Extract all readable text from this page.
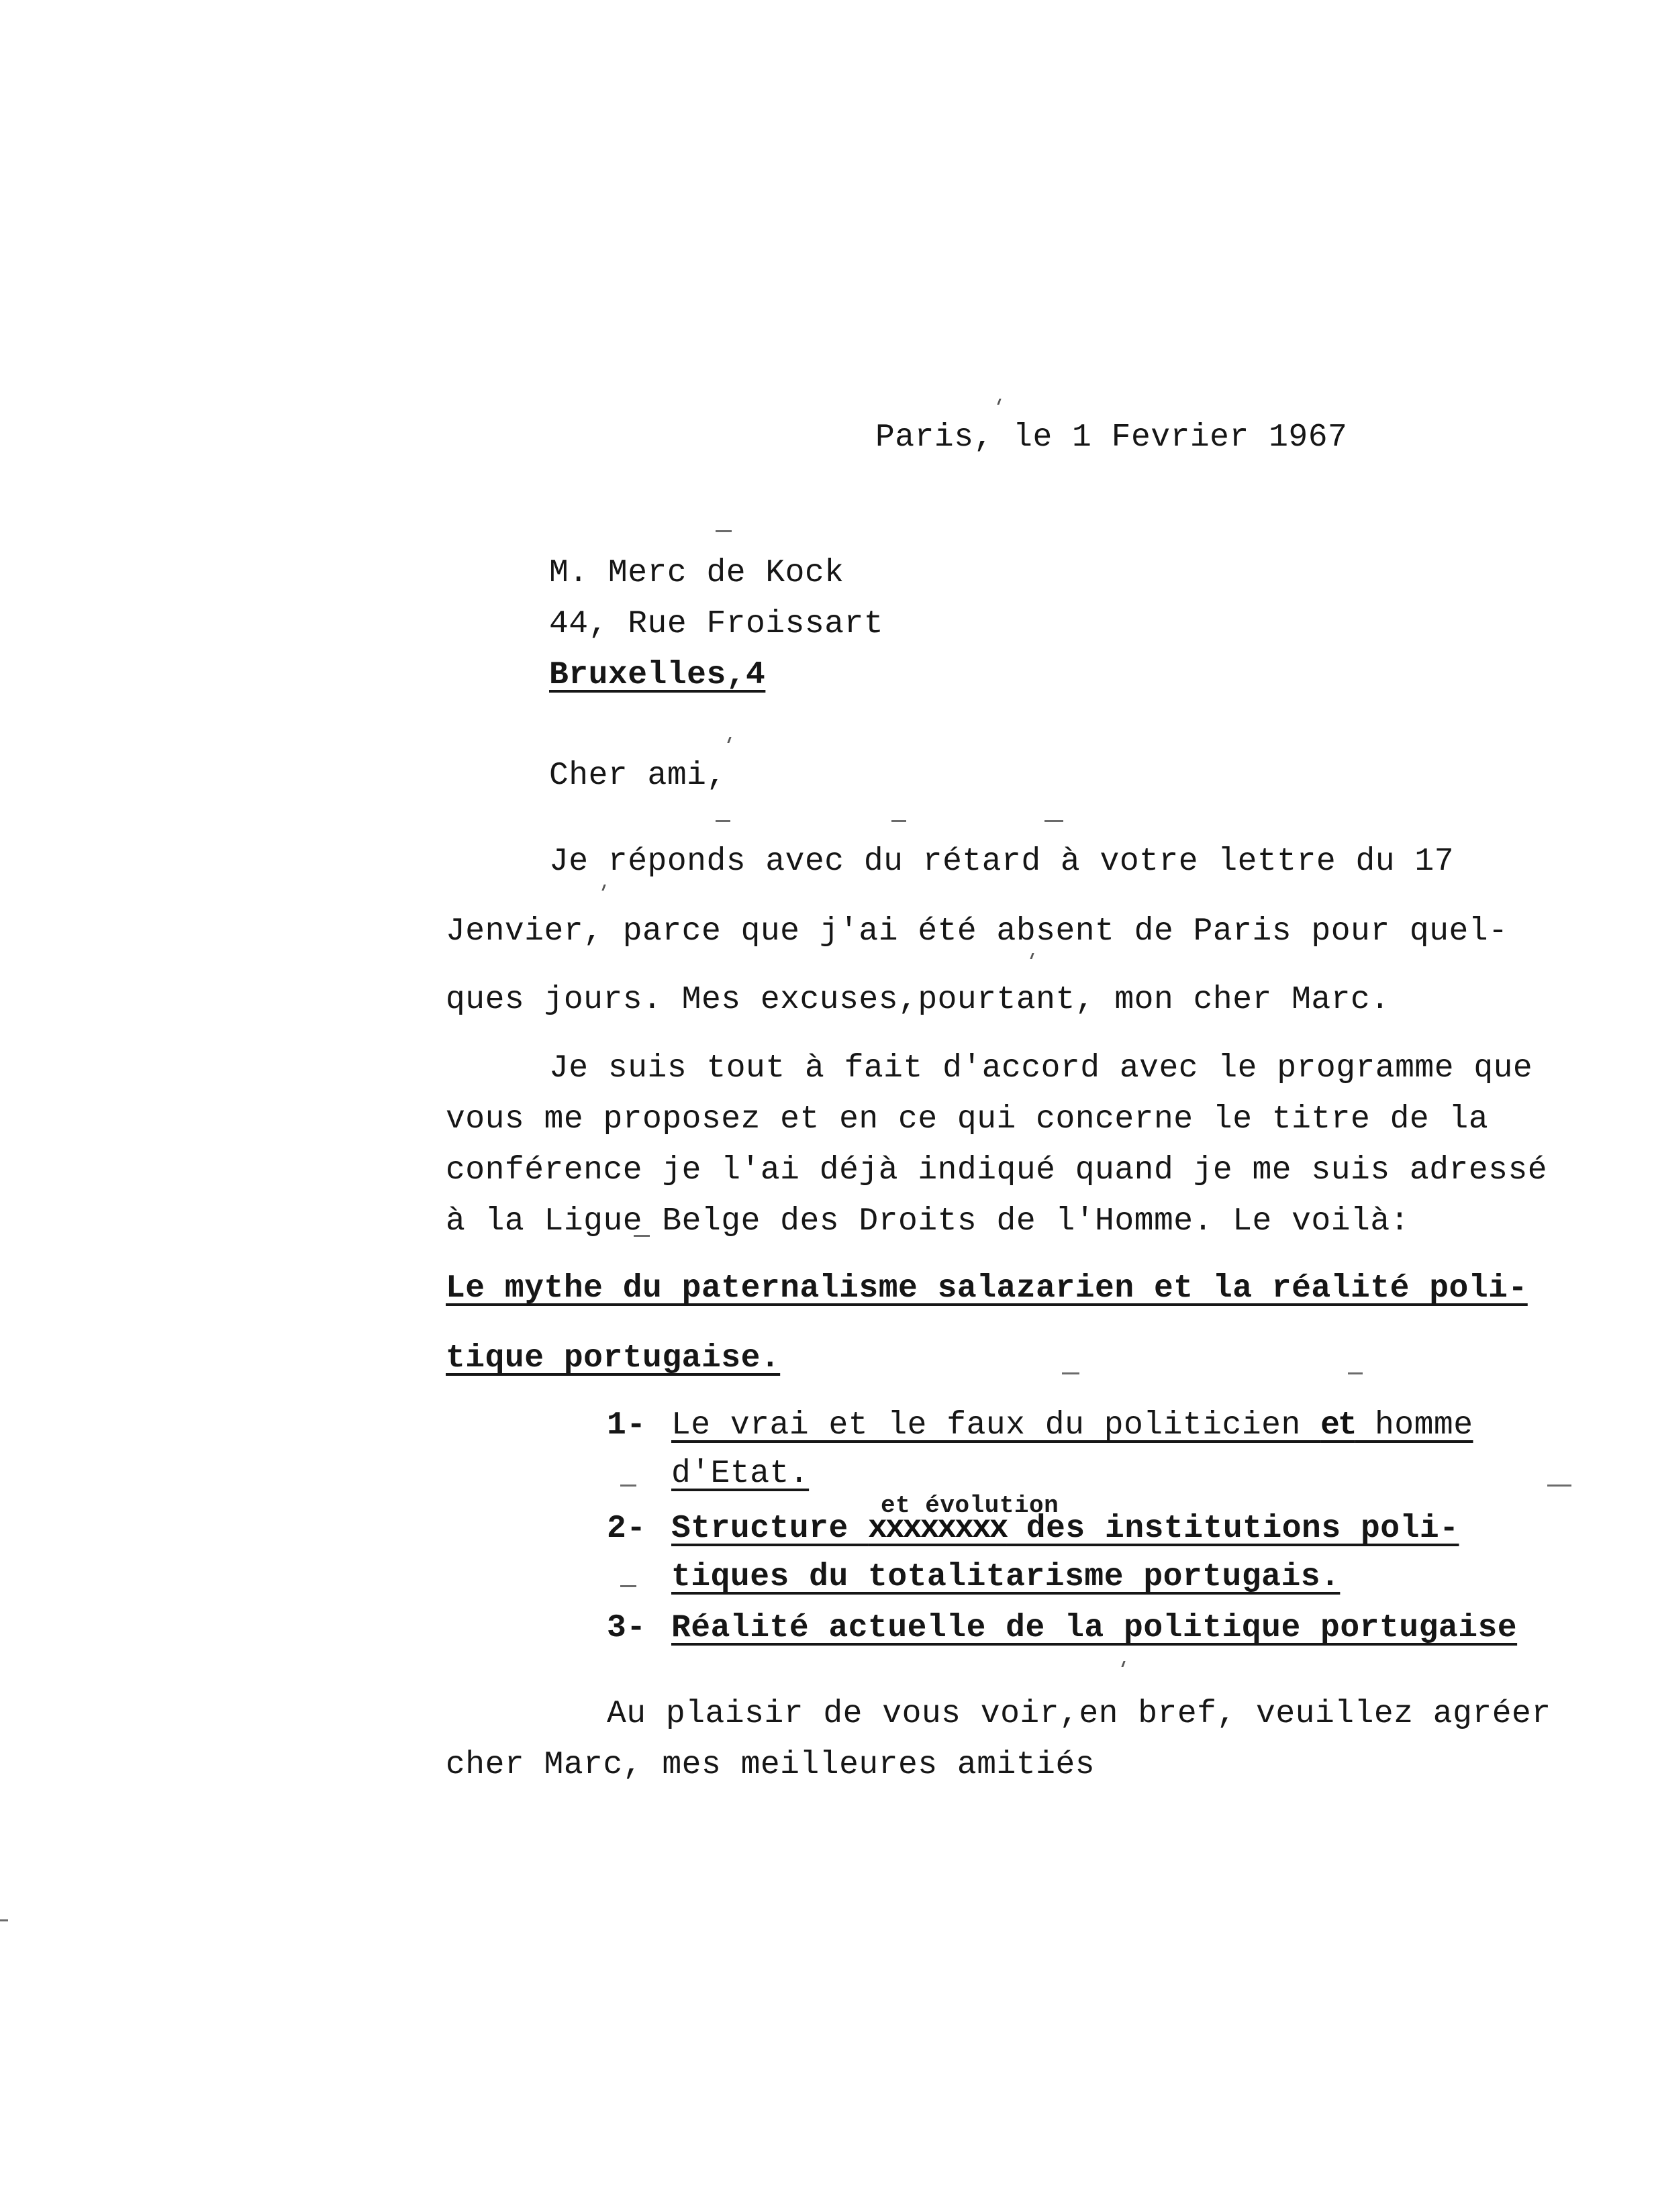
Paris, le 1 Fevrier 1967

M. Merc de Kock

44, Rue Froissart

Bruxelles,4

Cher ami,

Je réponds avec du rétard à votre lettre du 17

Jenvier, parce que j'ai été absent de Paris pour quel-

ques jours. Mes excuses,pourtant, mon cher Marc.

Je suis tout à fait d'accord avec le programme que

vous me proposez et en ce qui concerne le titre de la

conférence je l'ai déjà indiqué quand je me suis adressé

à la Ligue Belge des Droits de l'Homme. Le voilà:

Le mythe du paternalisme salazarien et la réalité poli-

tique portugaise.

1- Le vrai et le faux du politicien et homme

d'Etat.

et évolution

2- Structure xxxxxxxx des institutions poli-

tiques du totalitarisme portugais.

3- Réalité actuelle de la politique portugaise

Au plaisir de vous voir,en bref, veuillez agréer

cher Marc, mes meilleures amitiés
